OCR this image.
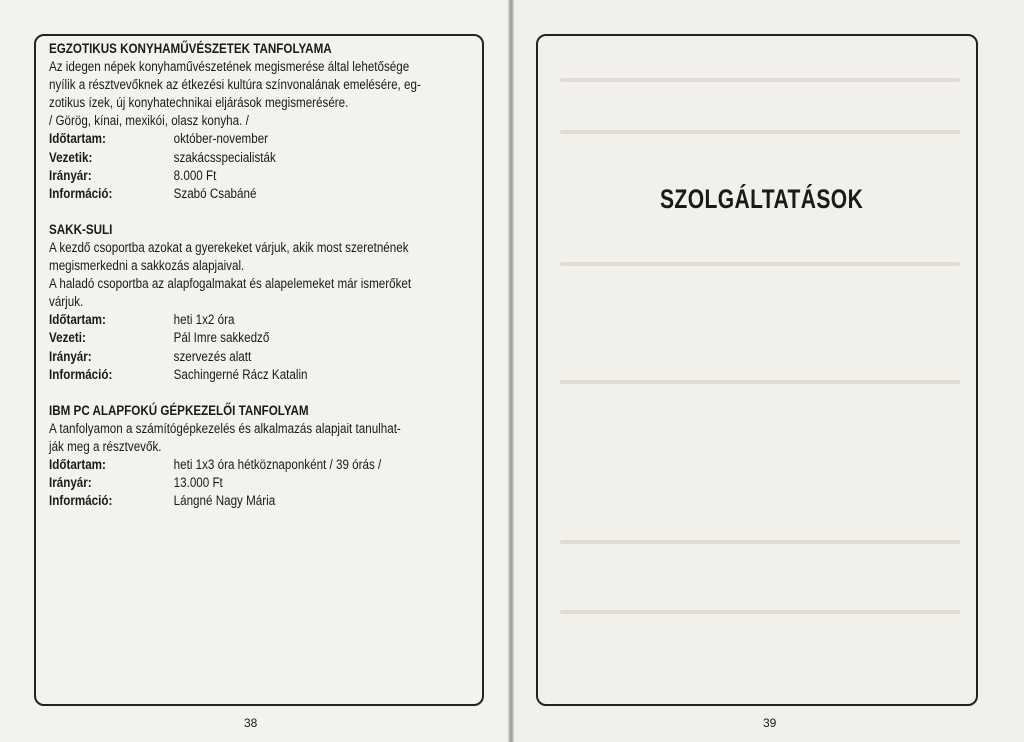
EGZOTIKUS KONYHAMŰVÉSZETEK TANFOLYAMA
Az idegen népek konyhaművészetének megismerése által lehetősége
nyílik a résztvevőknek az étkezési kultúra színvonalának emelésére, eg-
zotikus ízek, új konyhatechnikai eljárások megismerésére.
/ Görög, kínai, mexikói, olasz konyha. /
Időtartam:	október-november
Vezetik:	szakácsspecialisták
Irányár:	8.000 Ft
Információ:	Szabó Csabáné
SAKK-SULI
A kezdő csoportba azokat a gyerekeket várjuk, akik most szeretnének
megismerkedni a sakkozás alapjaival.
A haladó csoportba az alapfogalmakat és alapelemeket már ismerőket
várjuk.
Időtartam:	heti 1x2 óra
Vezeti:	Pál Imre sakkedző
Irányár:	szervezés alatt
Információ:	Sachingerné Rácz Katalin
IBM PC ALAPFOKÚ GÉPKEZELŐI TANFOLYAM
A tanfolyamon a számítógépkezelés és alkalmazás alapjait tanulhat-
ják meg a résztvevők.
Időtartam:	heti 1x3 óra hétköznaponként / 39 órás /
Irányár:	13.000 Ft
Információ:	Lángné Nagy Mária
SZOLGÁLTATÁSOK
38	39
